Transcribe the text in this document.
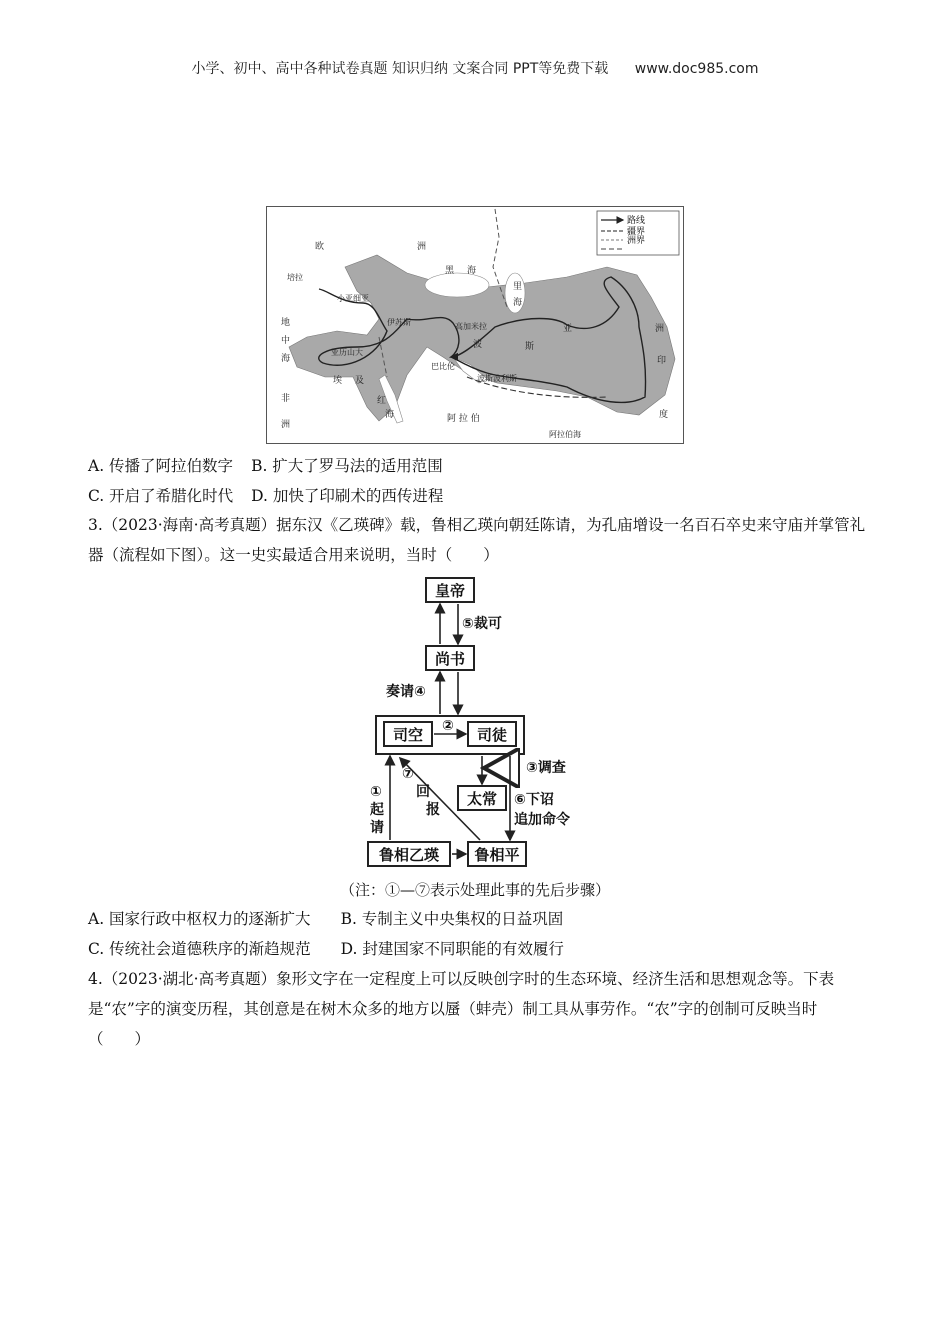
小学、初中、高中各种试卷真题 知识归纳 文案合同 PPT等免费下载 www.doc985.com
路线
疆界
洲界
欧	洲
黑 海
里
海
培拉
小亚细亚
伊苏斯	高加米拉
地
中
海
亚历山大
埃 及
非
洲
红
海
巴比伦
波斯波利斯
波	斯
阿 拉 伯
阿拉伯海
亚	洲
印
度
A. 传播了阿拉伯数字 B. 扩大了罗马法的适用范围
C. 开启了希腊化时代 D. 加快了印刷术的西传进程
3.（2023·海南·高考真题）据东汉《乙瑛碑》载，鲁相乙瑛向朝廷陈请，为孔庙增设一名百石卒史来守庙并掌管礼器（流程如下图）。这一史实最适合用来说明，当时（　　）
皇帝
尚书
司空	司徒
太常
鲁相乙瑛 鲁相平
⑤裁可
奏请④
②
③调查
⑥下诏
追加命令
①
起
请
⑦
回
报
（注：①—⑦表示处理此事的先后步骤）
A. 国家行政中枢权力的逐渐扩大 B. 专制主义中央集权的日益巩固
C. 传统社会道德秩序的渐趋规范 D. 封建国家不同职能的有效履行
4.（2023·湖北·高考真题）象形文字在一定程度上可以反映创字时的生态环境、经济生活和思想观念等。下表是“农”字的演变历程，其创意是在树木众多的地方以蜃（蚌壳）制工具从事劳作。“农”字的创制可反映当时（　　）
